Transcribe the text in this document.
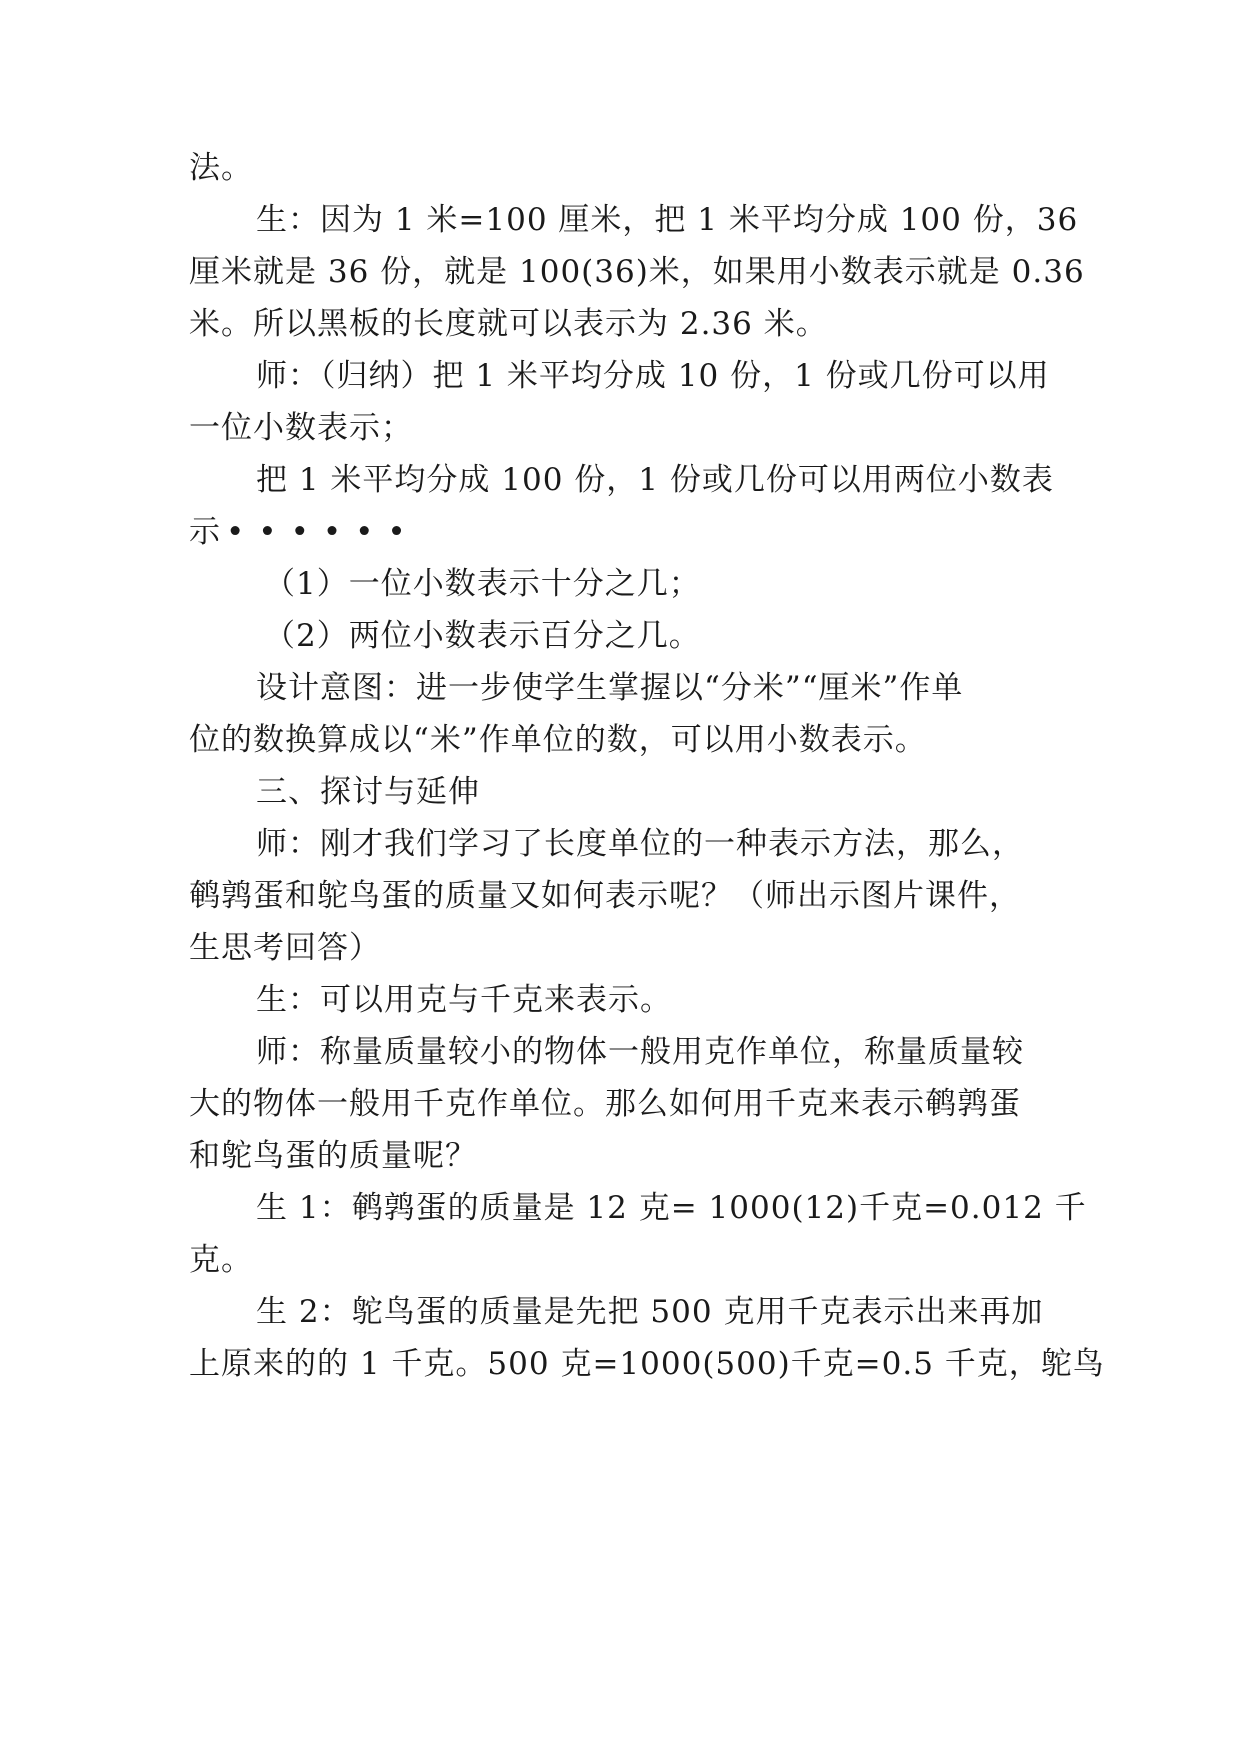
法。
生：因为 1 米=100 厘米，把 1 米平均分成 100 份，36
厘米就是 36 份，就是 100(36)米，如果用小数表示就是 0.36
米。所以黑板的长度就可以表示为 2.36 米。
师：（归纳）把 1 米平均分成 10 份，1 份或几份可以用
一位小数表示；
把 1 米平均分成 100 份，1 份或几份可以用两位小数表
示 ••••••
（1）一位小数表示十分之几；
（2）两位小数表示百分之几。
设计意图：进一步使学生掌握以“分米”“厘米”作单
位的数换算成以“米”作单位的数，可以用小数表示。
三、探讨与延伸
师：刚才我们学习了长度单位的一种表示方法，那么，
鹌鹑蛋和鸵鸟蛋的质量又如何表示呢？（师出示图片课件，
生思考回答）
生：可以用克与千克来表示。
师：称量质量较小的物体一般用克作单位，称量质量较
大的物体一般用千克作单位。那么如何用千克来表示鹌鹑蛋
和鸵鸟蛋的质量呢？
生 1：鹌鹑蛋的质量是 12 克= 1000(12)千克=0.012 千
克。
生 2：鸵鸟蛋的质量是先把 500 克用千克表示出来再加
上原来的的 1 千克。500 克=1000(500)千克=0.5 千克，鸵鸟
